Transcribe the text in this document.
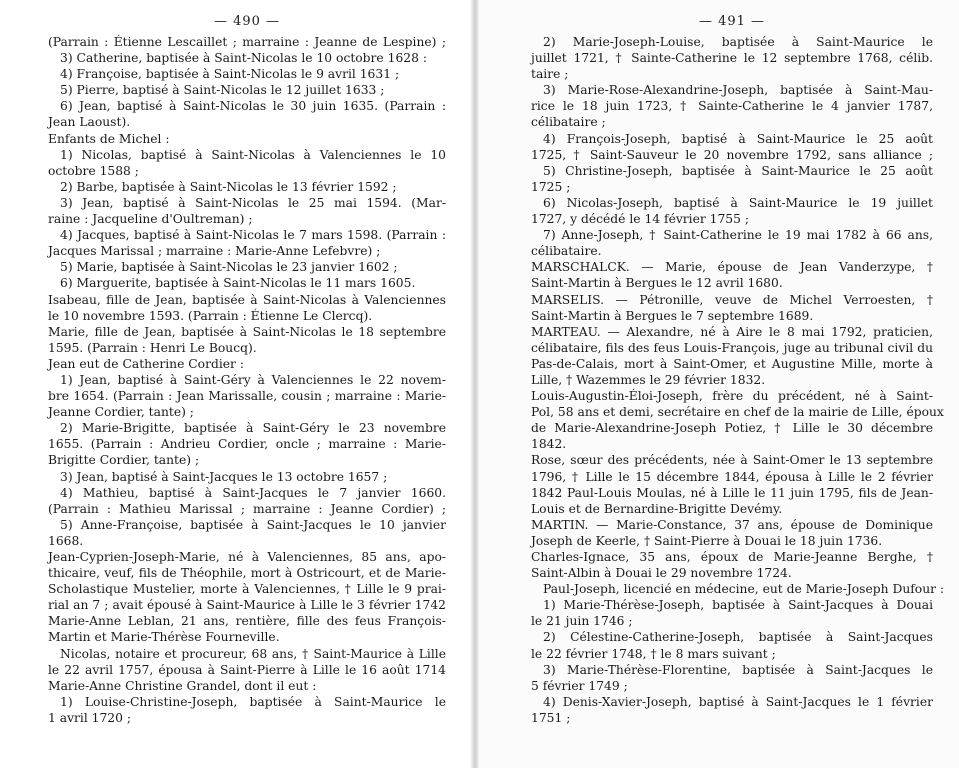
— 490 —
(Parrain : Étienne Lescaillet ; marraine : Jeanne de Lespine) ;
3) Catherine, baptisée à Saint-Nicolas le 10 octobre 1628 :
4) Françoise, baptisée à Saint-Nicolas le 9 avril 1631 ;
5) Pierre, baptisé à Saint-Nicolas le 12 juillet 1633 ;
6) Jean, baptisé à Saint-Nicolas le 30 juin 1635. (Parrain :
Jean Laoust).
Enfants de Michel :
1) Nicolas, baptisé à Saint-Nicolas à Valenciennes le 10
octobre 1588 ;
2) Barbe, baptisée à Saint-Nicolas le 13 février 1592 ;
3) Jean, baptisé à Saint-Nicolas le 25 mai 1594. (Mar-
raine : Jacqueline d'Oultreman) ;
4) Jacques, baptisé à Saint-Nicolas le 7 mars 1598. (Parrain :
Jacques Marissal ; marraine : Marie-Anne Lefebvre) ;
5) Marie, baptisée à Saint-Nicolas le 23 janvier 1602 ;
6) Marguerite, baptisée à Saint-Nicolas le 11 mars 1605.
Isabeau, fille de Jean, baptisée à Saint-Nicolas à Valenciennes
le 10 novembre 1593. (Parrain : Étienne Le Clercq).
Marie, fille de Jean, baptisée à Saint-Nicolas le 18 septembre
1595. (Parrain : Henri Le Boucq).
Jean eut de Catherine Cordier :
1) Jean, baptisé à Saint-Géry à Valenciennes le 22 novem-
bre 1654. (Parrain : Jean Marissalle, cousin ; marraine : Marie-
Jeanne Cordier, tante) ;
2) Marie-Brigitte, baptisée à Saint-Géry le 23 novembre
1655. (Parrain : Andrieu Cordier, oncle ; marraine : Marie-
Brigitte Cordier, tante) ;
3) Jean, baptisé à Saint-Jacques le 13 octobre 1657 ;
4) Mathieu, baptisé à Saint-Jacques le 7 janvier 1660.
(Parrain : Mathieu Marissal ; marraine : Jeanne Cordier) ;
5) Anne-Françoise, baptisée à Saint-Jacques le 10 janvier
1668.
Jean-Cyprien-Joseph-Marie, né à Valenciennes, 85 ans, apo-
thicaire, veuf, fils de Théophile, mort à Ostricourt, et de Marie-
Scholastique Mustelier, morte à Valenciennes, † Lille le 9 prai-
rial an 7 ; avait épousé à Saint-Maurice à Lille le 3 février 1742
Marie-Anne Leblan, 21 ans, rentière, fille des feus François-
Martin et Marie-Thérèse Fourneville.
Nicolas, notaire et procureur, 68 ans, † Saint-Maurice à Lille
le 22 avril 1757, épousa à Saint-Pierre à Lille le 16 août 1714
Marie-Anne Christine Grandel, dont il eut :
1) Louise-Christine-Joseph, baptisée à Saint-Maurice le
1 avril 1720 ;
— 491 —
2) Marie-Joseph-Louise, baptisée à Saint-Maurice le
juillet 1721, † Sainte-Catherine le 12 septembre 1768, célib.
taire ;
3) Marie-Rose-Alexandrine-Joseph, baptisée à Saint-Mau-
rice le 18 juin 1723, † Sainte-Catherine le 4 janvier 1787,
célibataire ;
4) François-Joseph, baptisé à Saint-Maurice le 25 août
1725, † Saint-Sauveur le 20 novembre 1792, sans alliance ;
5) Christine-Joseph, baptisée à Saint-Maurice le 25 août
1725 ;
6) Nicolas-Joseph, baptisé à Saint-Maurice le 19 juillet
1727, y décédé le 14 février 1755 ;
7) Anne-Joseph, † Saint-Catherine le 19 mai 1782 à 66 ans,
célibataire.
MARSCHALCK. — Marie, épouse de Jean Vanderzype, †
Saint-Martin à Bergues le 12 avril 1680.
MARSELIS. — Pétronille, veuve de Michel Verroesten, †
Saint-Martin à Bergues le 7 septembre 1689.
MARTEAU. — Alexandre, né à Aire le 8 mai 1792, praticien,
célibataire, fils des feus Louis-François, juge au tribunal civil du
Pas-de-Calais, mort à Saint-Omer, et Augustine Mille, morte à
Lille, † Wazemmes le 29 février 1832.
Louis-Augustin-Éloi-Joseph, frère du précédent, né à Saint-
Pol, 58 ans et demi, secrétaire en chef de la mairie de Lille, époux
de Marie-Alexandrine-Joseph Potiez, † Lille le 30 décembre
1842.
Rose, sœur des précédents, née à Saint-Omer le 13 septembre
1796, † Lille le 15 décembre 1844, épousa à Lille le 2 février
1842 Paul-Louis Moulas, né à Lille le 11 juin 1795, fils de Jean-
Louis et de Bernardine-Brigitte Devémy.
MARTIN. — Marie-Constance, 37 ans, épouse de Dominique
Joseph de Keerle, † Saint-Pierre à Douai le 18 juin 1736.
Charles-Ignace, 35 ans, époux de Marie-Jeanne Berghe, †
Saint-Albin à Douai le 29 novembre 1724.
Paul-Joseph, licencié en médecine, eut de Marie-Joseph Dufour :
1) Marie-Thérèse-Joseph, baptisée à Saint-Jacques à Douai
le 21 juin 1746 ;
2) Célestine-Catherine-Joseph, baptisée à Saint-Jacques
le 22 février 1748, † le 8 mars suivant ;
3) Marie-Thérèse-Florentine, baptisée à Saint-Jacques le
5 février 1749 ;
4) Denis-Xavier-Joseph, baptisé à Saint-Jacques le 1 février
1751 ;
